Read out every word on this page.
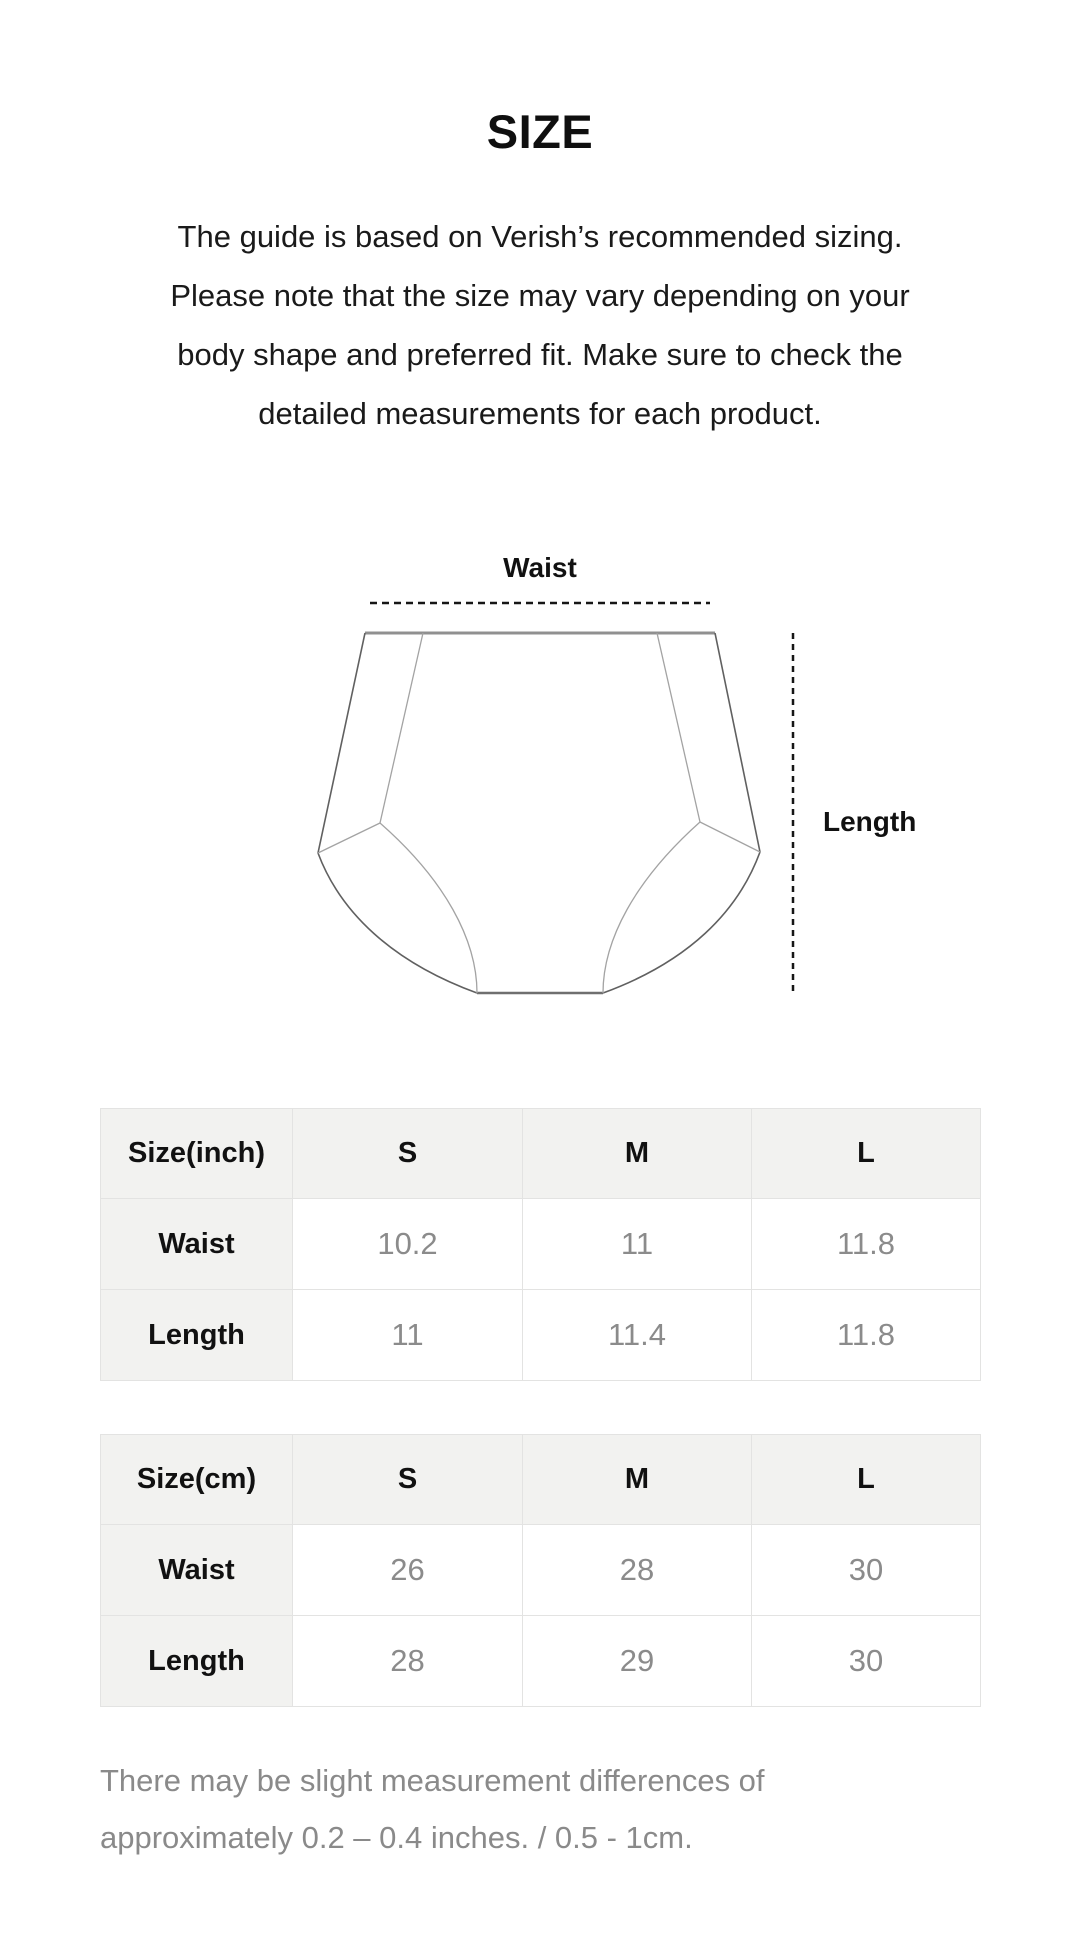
SIZE
The guide is based on Verish’s recommended sizing.
Please note that the size may vary depending on your
body shape and preferred fit. Make sure to check the
detailed measurements for each product.
Waist
Length
Size(inch)	S	M	L
Waist	10.2	11	11.8
Length	11	11.4	11.8
Size(cm)	S	M	L
Waist	26	28	30
Length	28	29	30
There may be slight measurement differences of
approximately 0.2 – 0.4 inches. / 0.5 - 1cm.
